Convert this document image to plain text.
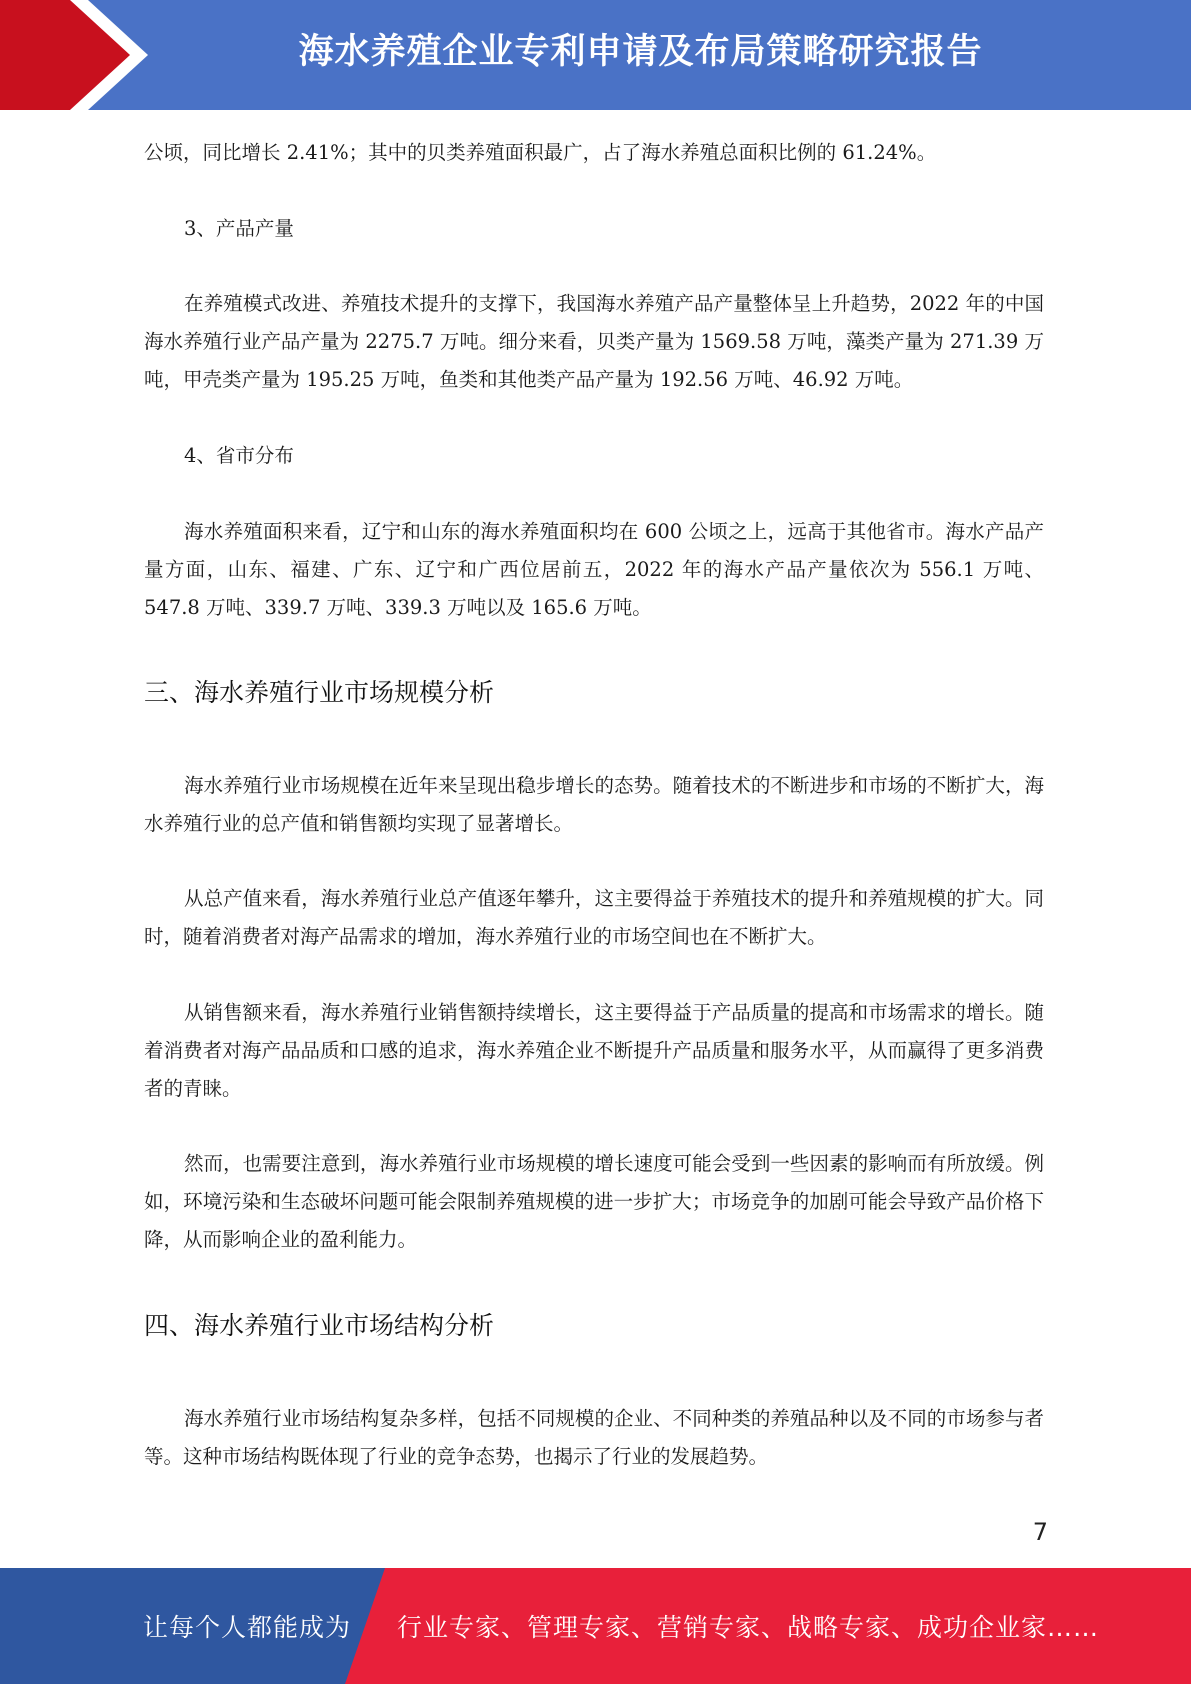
海水养殖企业专利申请及布局策略研究报告
公顷，同比增长 2.41%；其中的贝类养殖面积最广，占了海水养殖总面积比例的 61.24%。
3、产品产量
在养殖模式改进、养殖技术提升的支撑下，我国海水养殖产品产量整体呈上升趋势，2022 年的中国海水养殖行业产品产量为 2275.7 万吨。细分来看，贝类产量为 1569.58 万吨，藻类产量为 271.39 万吨，甲壳类产量为 195.25 万吨，鱼类和其他类产品产量为 192.56 万吨、46.92 万吨。
4、省市分布
海水养殖面积来看，辽宁和山东的海水养殖面积均在 600 公顷之上，远高于其他省市。海水产品产量方面，山东、福建、广东、辽宁和广西位居前五，2022 年的海水产品产量依次为 556.1 万吨、547.8 万吨、339.7 万吨、339.3 万吨以及 165.6 万吨。
三、海水养殖行业市场规模分析
海水养殖行业市场规模在近年来呈现出稳步增长的态势。随着技术的不断进步和市场的不断扩大，海水养殖行业的总产值和销售额均实现了显著增长。
从总产值来看，海水养殖行业总产值逐年攀升，这主要得益于养殖技术的提升和养殖规模的扩大。同时，随着消费者对海产品需求的增加，海水养殖行业的市场空间也在不断扩大。
从销售额来看，海水养殖行业销售额持续增长，这主要得益于产品质量的提高和市场需求的增长。随着消费者对海产品品质和口感的追求，海水养殖企业不断提升产品质量和服务水平，从而赢得了更多消费者的青睐。
然而，也需要注意到，海水养殖行业市场规模的增长速度可能会受到一些因素的影响而有所放缓。例如，环境污染和生态破坏问题可能会限制养殖规模的进一步扩大；市场竞争的加剧可能会导致产品价格下降，从而影响企业的盈利能力。
四、海水养殖行业市场结构分析
海水养殖行业市场结构复杂多样，包括不同规模的企业、不同种类的养殖品种以及不同的市场参与者等。这种市场结构既体现了行业的竞争态势，也揭示了行业的发展趋势。
7
让每个人都能成为 行业专家、管理专家、营销专家、战略专家、成功企业家……
